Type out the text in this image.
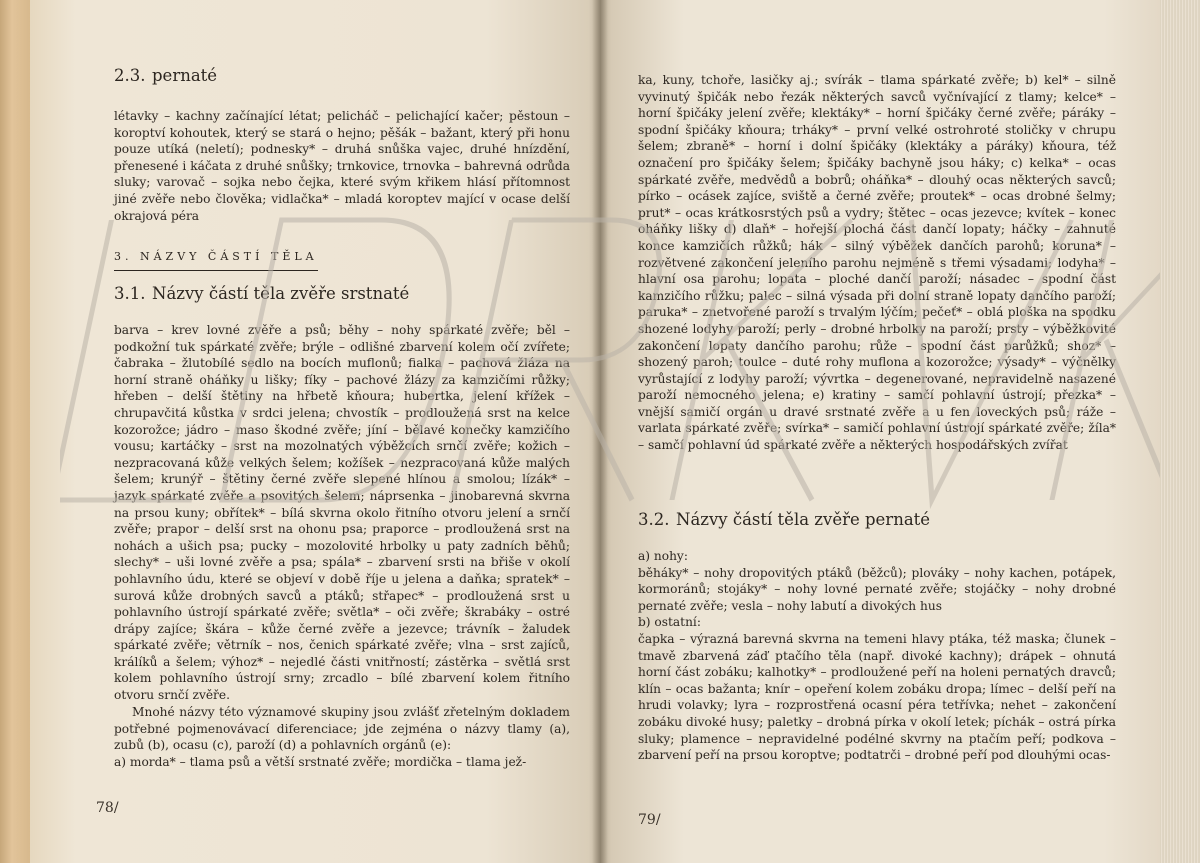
2.3. pernaté

létavky – kachny začínající létat; pelicháč – pelichající kačer; pěstoun – koroptví kohoutek, který se stará o hejno; pěšák – bažant, který při honu pouze utíká (neletí); podnesky* – druhá snůška vajec, druhé hnízdění, přenesené i káčata z druhé snůšky; trnkovice, trnovka – bahrevná odrůda sluky; varovač – sojka nebo čejka, které svým křikem hlásí přítomnost jiné zvěře nebo člověka; vidlačka* – mladá koroptev mající v ocase delší okrajová péra

3. NÁZVY ČÁSTÍ TĚLA

3.1. Názvy částí těla zvěře srstnaté

barva – krev lovné zvěře a psů; běhy – nohy spárkaté zvěře; běl – podkožní tuk spárkaté zvěře; brýle – odlišné zbarvení kolem očí zvířete; čabraka – žlutobílé sedlo na bocích muflonů; fialka – pachová žláza na horní straně oháňky u lišky; fíky – pachové žlázy za kamzičími růžky; hřeben – delší štětiny na hřbetě kňoura; hubertka, jelení křížek – chrupavčitá kůstka v srdci jelena; chvostík – prodloužená srst na kelce kozorožce; jádro – maso škodné zvěře; jíní – bělavé konečky kamzičího vousu; kartáčky – srst na mozolnatých výběžcích srnčí zvěře; kožich – nezpracovaná kůže velkých šelem; kožíšek – nezpracovaná kůže malých šelem; krunýř – štětiny černé zvěře slepené hlínou a smolou; lízák* – jazyk spárkaté zvěře a psovitých šelem; náprsenka – jinobarevná skvrna na prsou kuny; obřítek* – bílá skvrna okolo řitního otvoru jelení a srnčí zvěře; prapor – delší srst na ohonu psa; praporce – prodloužená srst na nohách a ušich psa; pucky – mozolovité hrbolky u paty zadních běhů; slechy* – uši lovné zvěře a psa; spála* – zbarvení srsti na břiše v okolí pohlavního údu, které se objeví v době říje u jelena a daňka; spratek* – surová kůže drobných savců a ptáků; střapec* – prodloužená srst u pohlavního ústrojí spárkaté zvěře; světla* – oči zvěře; škrabáky – ostré drápy zajíce; škára – kůže černé zvěře a jezevce; trávník – žaludek spárkaté zvěře; větrník – nos, čenich spárkaté zvěře; vlna – srst zajíců, králíků a šelem; výhoz* – nejedlé části vnitřností; zástěrka – světlá srst kolem pohlavního ústrojí srny; zrcadlo – bílé zbarvení kolem řitního otvoru srnčí zvěře.

Mnohé názvy této významové skupiny jsou zvlášť zřetelným dokladem potřebné pojmenovávací diferenciace; jde zejména o názvy tlamy (a), zubů (b), ocasu (c), paroží (d) a pohlavních orgánů (e):

a) morda* – tlama psů a větší srstnaté zvěře; mordička – tlama jež-

78/

ka, kuny, tchoře, lasičky aj.; svírák – tlama spárkaté zvěře; b) kel* – silně vyvinutý špičák nebo řezák některých savců vyčnívající z tlamy; kelce* – horní špičáky jelení zvěře; klektáky* – horní špičáky černé zvěře; páráky – spodní špičáky kňoura; trháky* – první velké ostrohroté stoličky v chrupu šelem; zbraně* – horní i dolní špičáky (klektáky a páráky) kňoura, též označení pro špičáky šelem; špičáky bachyně jsou háky; c) kelka* – ocas spárkaté zvěře, medvědů a bobrů; oháňka* – dlouhý ocas některých savců; pírko – ocásek zajíce, sviště a černé zvěře; proutek* – ocas drobné šelmy; prut* – ocas krátkosrstých psů a vydry; štětec – ocas jezevce; kvítek – konec oháňky lišky d) dlaň* – hořejší plochá část dančí lopaty; háčky – zahnuté konce kamzičích růžků; hák – silný výběžek dančích parohů; koruna* – rozvětvené zakončení jeleního parohu nejméně s třemi výsadami; lodyha* – hlavní osa parohu; lopata – ploché dančí paroží; násadec – spodní část kamzičího růžku; palec – silná výsada při dolní straně lopaty dančího paroží; paruka* – znetvořené paroží s trvalým lýčím; pečeť* – oblá ploška na spodku shozené lodyhy paroží; perly – drobné hrbolky na paroží; prsty – výběžkovité zakončení lopaty dančího parohu; růže – spodní část parůžků; shoz* – shozený paroh; toulce – duté rohy muflona a kozorožce; výsady* – výčnělky vyrůstající z lodyhy paroží; vývrtka – degenerované, nepravidelně nasazené paroží nemocného jelena; e) kratiny – samčí pohlavní ústrojí; přezka* – vnější samičí orgán u dravé srstnaté zvěře a u fen loveckých psů; ráže – varlata spárkaté zvěře; svírka* – samičí pohlavní ústrojí spárkaté zvěře; žíla* – samčí pohlavní úd spárkaté zvěře a některých hospodářských zvířat

3.2. Názvy částí těla zvěře pernaté

a) nohy:

běháky* – nohy dropovitých ptáků (běžců); plováky – nohy kachen, potápek, kormoránů; stojáky* – nohy lovné pernaté zvěře; stojáčky – nohy drobné pernaté zvěře; vesla – nohy labutí a divokých hus

b) ostatní:

čapka – výrazná barevná skvrna na temeni hlavy ptáka, též maska; člunek – tmavě zbarvená záď ptačího těla (např. divoké kachny); drápek – ohnutá horní část zobáku; kalhotky* – prodloužené peří na holeni pernatých dravců; klín – ocas bažanta; knír – opeření kolem zobáku dropa; límec – delší peří na hrudi volavky; lyra – rozprostřená ocasní péra tetřívka; nehet – zakončení zobáku divoké husy; paletky – drobná pírka v okolí letek; píchák – ostrá pírka sluky; plamence – nepravidelné podélné skvrny na ptačím peří; podkova – zbarvení peří na prsou koroptve; podtatrči – drobné peří pod dlouhými ocas-

79/
